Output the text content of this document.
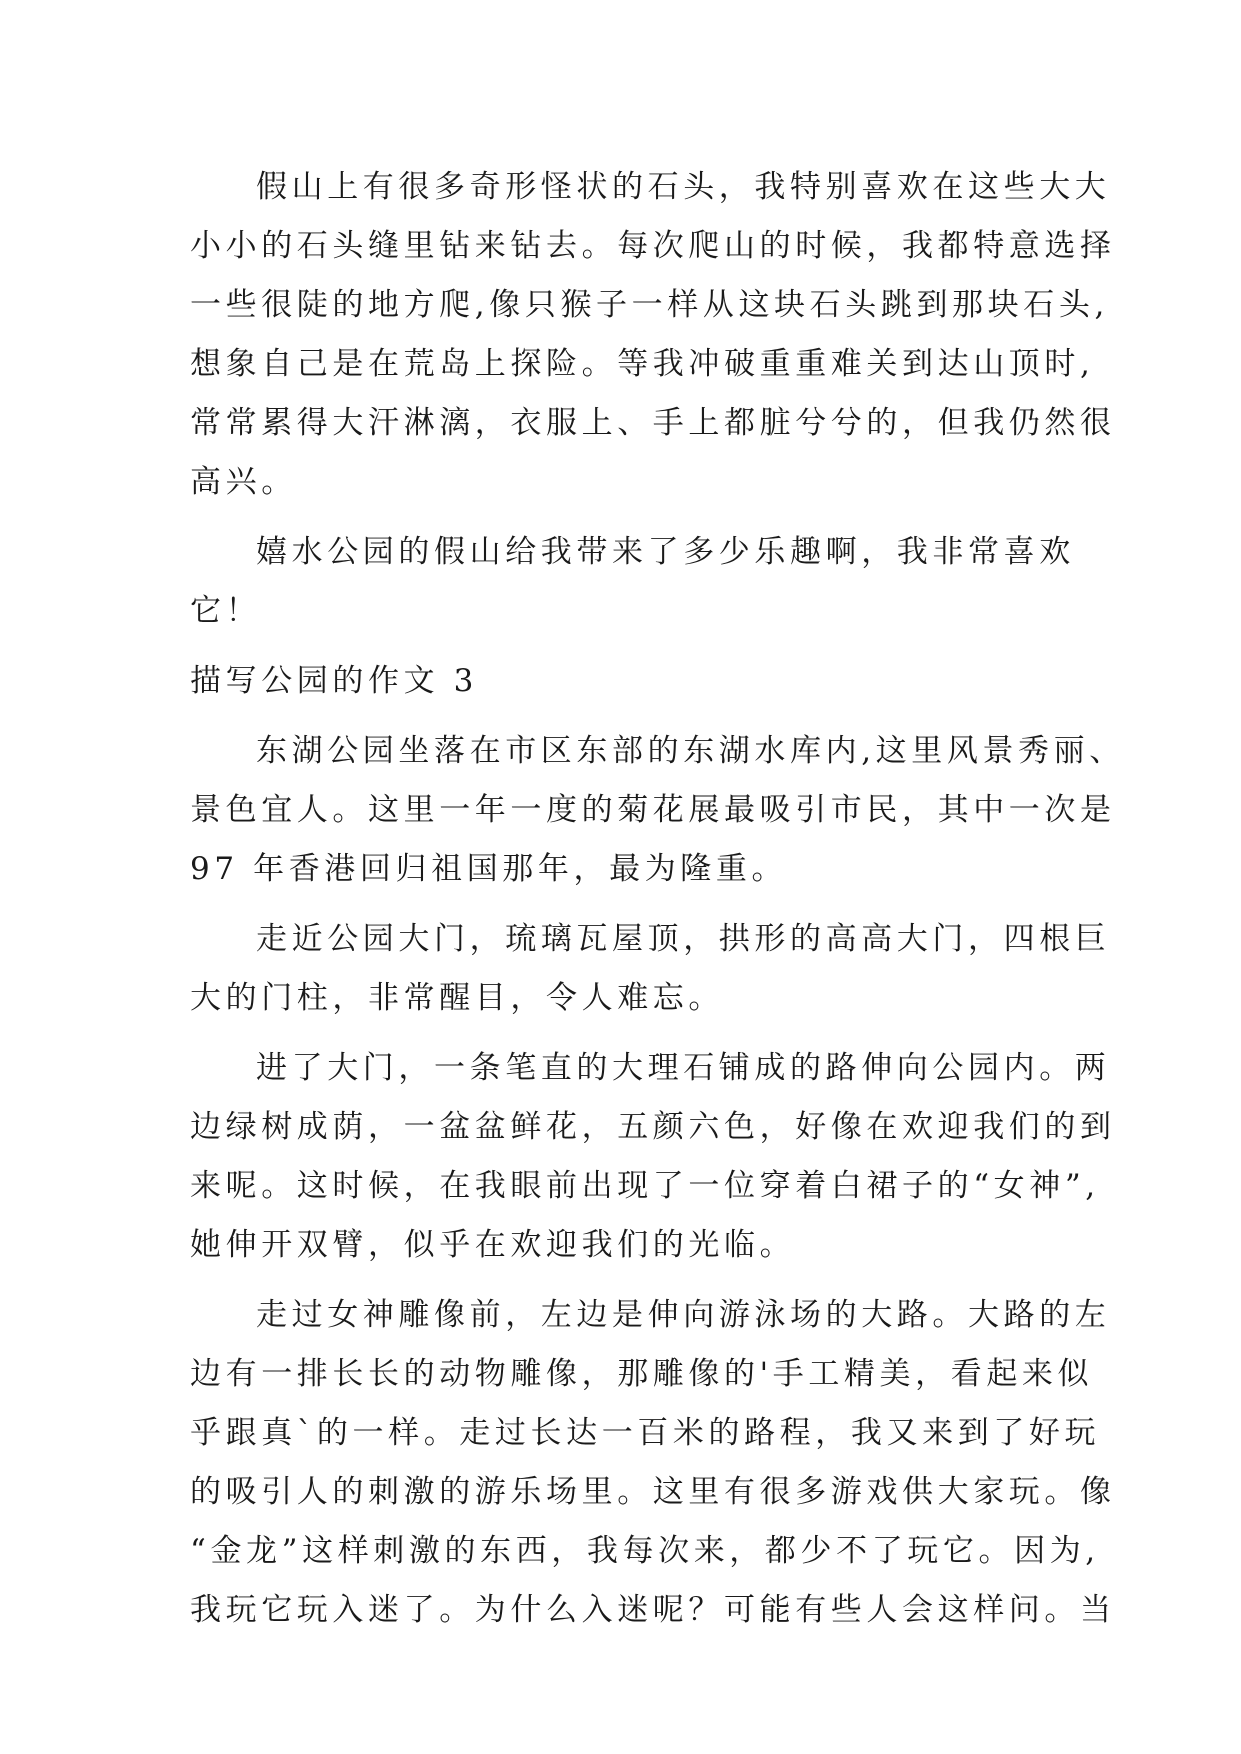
假山上有很多奇形怪状的石头，我特别喜欢在这些大大
小小的石头缝里钻来钻去。每次爬山的时候，我都特意选择
一些很陡的地方爬,像只猴子一样从这块石头跳到那块石头,
想象自己是在荒岛上探险。等我冲破重重难关到达山顶时,
常常累得大汗淋漓，衣服上、手上都脏兮兮的，但我仍然很
高兴。
嬉水公园的假山给我带来了多少乐趣啊，我非常喜欢
它！
描写公园的作文 3
东湖公园坐落在市区东部的东湖水库内,这里风景秀丽、
景色宜人。这里一年一度的菊花展最吸引市民，其中一次是
97 年香港回归祖国那年，最为隆重。
走近公园大门，琉璃瓦屋顶，拱形的高高大门，四根巨
大的门柱，非常醒目，令人难忘。
进了大门，一条笔直的大理石铺成的路伸向公园内。两
边绿树成荫，一盆盆鲜花，五颜六色，好像在欢迎我们的到
来呢。这时候，在我眼前出现了一位穿着白裙子的“女神”,
她伸开双臂，似乎在欢迎我们的光临。
走过女神雕像前，左边是伸向游泳场的大路。大路的左
边有一排长长的动物雕像，那雕像的'手工精美，看起来似
乎跟真`的一样。走过长达一百米的路程，我又来到了好玩
的吸引人的刺激的游乐场里。这里有很多游戏供大家玩。像
“金龙”这样刺激的东西，我每次来，都少不了玩它。因为,
我玩它玩入迷了。为什么入迷呢？可能有些人会这样问。当
